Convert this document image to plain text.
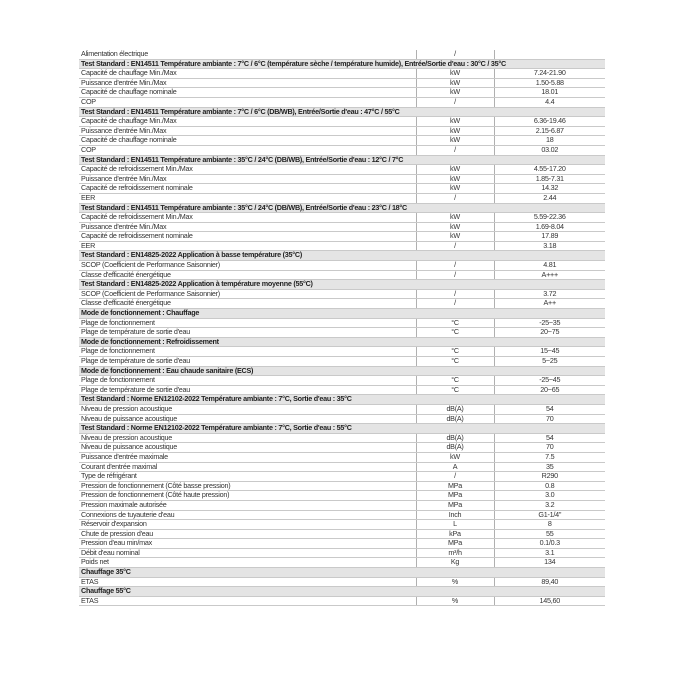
Alimentation électrique	/	
Test Standard : EN14511 Température ambiante : 7°C / 6°C (température sèche / température humide), Entrée/Sortie d'eau : 30°C / 35°C		
Capacité de chauffage Min./Max	kW	7.24-21.90
Puissance d'entrée Min./Max	kW	1.50-5.88
Capacité de chauffage nominale	kW	18.01
COP	/	4.4
Test Standard : EN14511 Température ambiante : 7°C / 6°C (DB/WB), Entrée/Sortie d'eau : 47°C / 55°C		
Capacité de chauffage Min./Max	kW	6.36-19.46
Puissance d'entrée Min./Max	kW	2.15-6.87
Capacité de chauffage nominale	kW	18
COP	/	03.02
Test Standard : EN14511 Température ambiante : 35°C / 24°C (DB/WB), Entrée/Sortie d'eau : 12°C / 7°C		
Capacité de refroidissement Min./Max	kW	4.55-17.20
Puissance d'entrée Min./Max	kW	1.85-7.31
Capacité de refroidissement nominale	kW	14.32
EER	/	2.44
Test Standard : EN14511 Température ambiante : 35°C / 24°C (DB/WB), Entrée/Sortie d'eau : 23°C / 18°C		
Capacité de refroidissement Min./Max	kW	5.59-22.36
Puissance d'entrée Min./Max	kW	1.69-8.04
Capacité de refroidissement nominale	kW	17.89
EER	/	3.18
Test Standard : EN14825-2022 Application à basse température (35°C)		
SCOP (Coefficient de Performance Saisonnier)	/	4.81
Classe d'efficacité énergétique	/	A+++
Test Standard : EN14825-2022 Application à température moyenne (55°C)		
SCOP (Coefficient de Performance Saisonnier)	/	3.72
Classe d'efficacité énergétique	/	A++
Mode de fonctionnement : Chauffage		
Plage de fonctionnement	°C	-25~35
Plage de température de sortie d'eau	°C	20~75
Mode de fonctionnement : Refroidissement		
Plage de fonctionnement	°C	15~45
Plage de température de sortie d'eau	°C	5~25
Mode de fonctionnement : Eau chaude sanitaire (ECS)		
Plage de fonctionnement	°C	-25~45
Plage de température de sortie d'eau	°C	20~65
Test Standard : Norme EN12102-2022 Température ambiante : 7°C, Sortie d'eau : 35°C		
Niveau de pression acoustique	dB(A)	54
Niveau de puissance acoustique	dB(A)	70
Test Standard : Norme EN12102-2022 Température ambiante : 7°C, Sortie d'eau : 55°C		
Niveau de pression acoustique	dB(A)	54
Niveau de puissance acoustique	dB(A)	70
Puissance d'entrée maximale	kW	7.5
Courant d'entrée maximal	A	35
Type de réfrigérant	/	R290
Pression de fonctionnement (Côté basse pression)	MPa	0.8
Pression de fonctionnement (Côté haute pression)	MPa	3.0
Pression maximale autorisée	MPa	3.2
Connexions de tuyauterie d'eau	Inch	G1-1/4"
Réservoir d'expansion	L	8
Chute de pression d'eau	kPa	55
Pression d'eau min/max	MPa	0.1/0.3
Débit d'eau nominal	m³/h	3.1
Poids net	Kg	134
Chauffage 35°C		
ETAS	%	89,40
Chauffage 55°C		
ETAS	%	145,60
